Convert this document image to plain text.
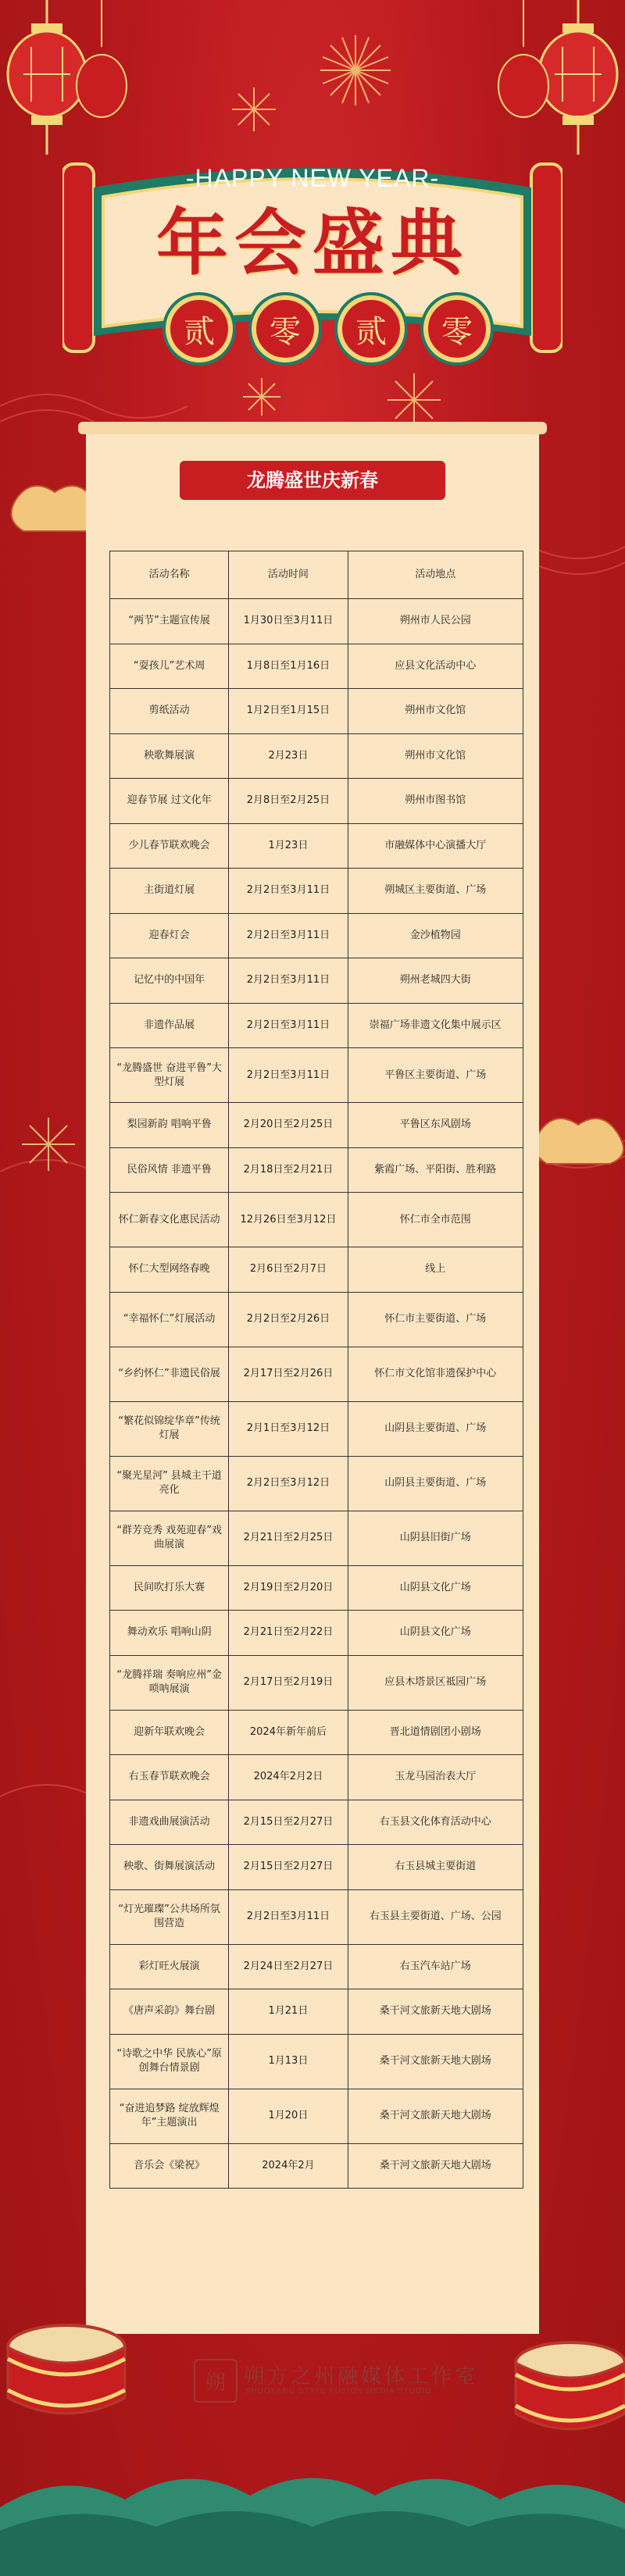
-HAPPY NEW YEAR-
年会盛典
贰	零	贰	零
龙腾盛世庆新春
活动名称	活动时间	活动地点
“两节”主题宣传展	1月30日至3月11日	朔州市人民公园
“耍孩儿”艺术周	1月8日至1月16日	应县文化活动中心
剪纸活动	1月2日至1月15日	朔州市文化馆
秧歌舞展演	2月23日	朔州市文化馆
迎春节展 过文化年	2月8日至2月25日	朔州市图书馆
少儿春节联欢晚会	1月23日	市融媒体中心演播大厅
主街道灯展	2月2日至3月11日	朔城区主要街道、广场
迎春灯会	2月2日至3月11日	金沙植物园
记忆中的中国年	2月2日至3月11日	朔州老城四大街
非遗作品展	2月2日至3月11日	崇福广场非遗文化集中展示区
“龙腾盛世 奋进平鲁”大型灯展	2月2日至3月11日	平鲁区主要街道、广场
梨园新韵 唱响平鲁	2月20日至2月25日	平鲁区东风剧场
民俗风情 非遗平鲁	2月18日至2月21日	紫霞广场、平阳街、胜利路
怀仁新春文化惠民活动	12月26日至3月12日	怀仁市全市范围
怀仁大型网络春晚	2月6日至2月7日	线上
“幸福怀仁”灯展活动	2月2日至2月26日	怀仁市主要街道、广场
“乡约怀仁”非遗民俗展	2月17日至2月26日	怀仁市文化馆非遗保护中心
“繁花似锦绽华章”传统灯展	2月1日至3月12日	山阴县主要街道、广场
“聚光星河” 县城主干道亮化	2月2日至3月12日	山阴县主要街道、广场
“群芳竞秀 戏苑迎春”戏曲展演	2月21日至2月25日	山阴县旧街广场
民间吹打乐大赛	2月19日至2月20日	山阴县文化广场
舞动欢乐 唱响山阴	2月21日至2月22日	山阴县文化广场
“龙腾祥瑞 奏响应州”金唢呐展演	2月17日至2月19日	应县木塔景区祗园广场
迎新年联欢晚会	2024年新年前后	晋北道情剧团小剧场
右玉春节联欢晚会	2024年2月2日	玉龙马园治表大厅
非遗戏曲展演活动	2月15日至2月27日	右玉县文化体育活动中心
秧歌、街舞展演活动	2月15日至2月27日	右玉县城主要街道
“灯光璀璨”公共场所氛围营造	2月2日至3月11日	右玉县主要街道、广场、公园
彩灯旺火展演	2月24日至2月27日	右玉汽车站广场
《唐声采韵》舞台剧	1月21日	桑干河文旅新天地大剧场
“诗歌之中华 民族心”原创舞台情景剧	1月13日	桑干河文旅新天地大剧场
“奋进追梦路 绽放辉煌年”主题演出	1月20日	桑干河文旅新天地大剧场
音乐会《梁祝》	2024年2月	桑干河文旅新天地大剧场
朔 朔方之州融媒体工作室
SHUOFANG STATE FUSION MEDIA STUDIO
